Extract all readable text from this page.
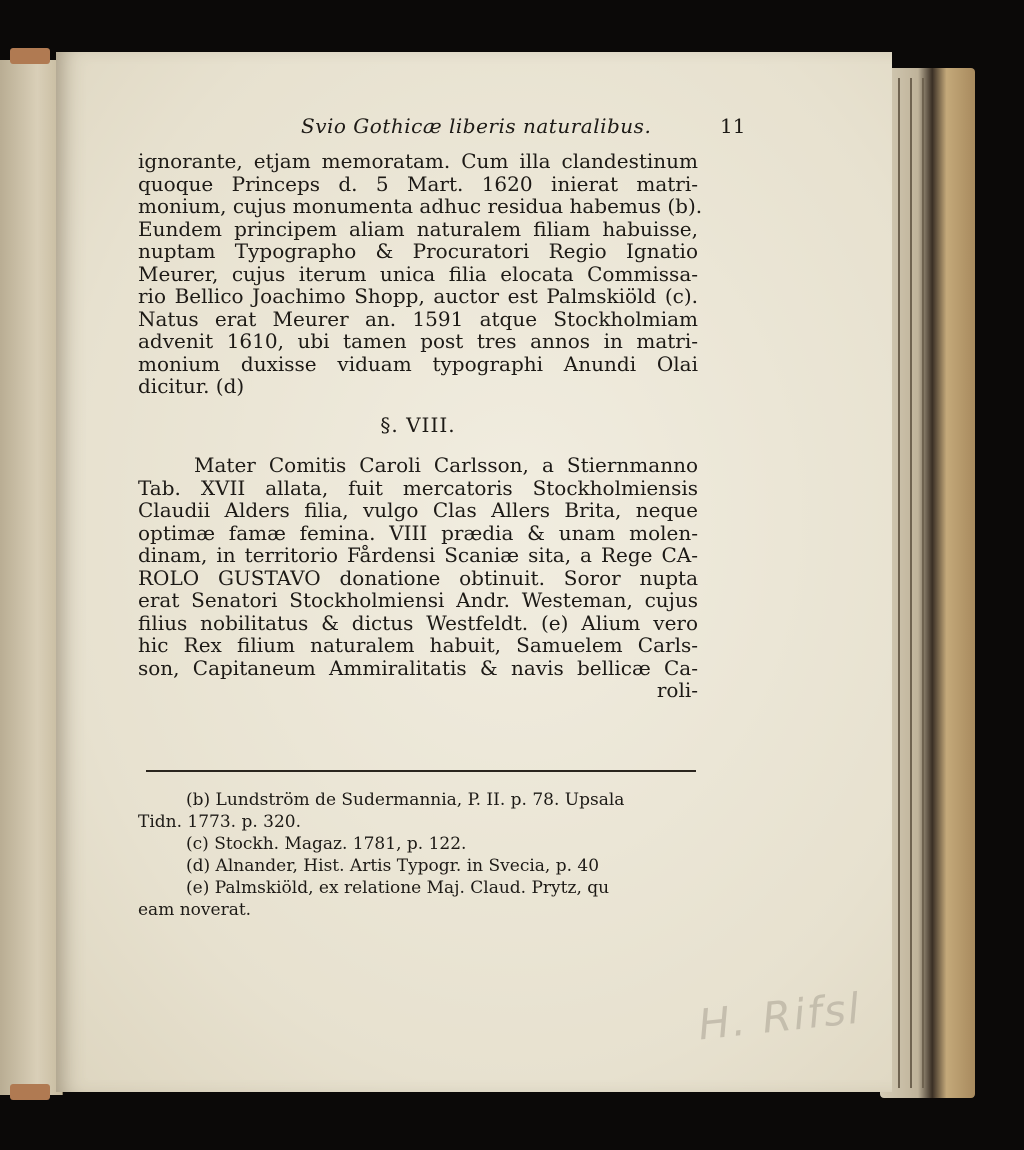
Svio Gothicæ liberis naturalibus.	11
ignorante, etjam memoratam. Cum illa clandestinum
quoque Princeps d. 5 Mart. 1620 inierat matri-
monium, cujus monumenta adhuc residua habemus (b).
Eundem principem aliam naturalem filiam habuisse,
nuptam Typographo & Procuratori Regio Ignatio
Meurer, cujus iterum unica filia elocata Commissa-
rio Bellico Joachimo Shopp, auctor est Palmskiöld (c).
Natus erat Meurer an. 1591 atque Stockholmiam
advenit 1610, ubi tamen post tres annos in matri-
monium duxisse viduam typographi Anundi Olai
dicitur. (d)
§. VIII.
Mater Comitis Caroli Carlsson, a Stiernmanno
Tab. XVII allata, fuit mercatoris Stockholmiensis
Claudii Alders filia, vulgo Clas Allers Brita, neque
optimæ famæ femina. VIII prædia & unam molen-
dinam, in territorio Fårdensi Scaniæ sita, a Rege CA-
ROLO GUSTAVO donatione obtinuit. Soror nupta
erat Senatori Stockholmiensi Andr. Westeman, cujus
filius nobilitatus & dictus Westfeldt. (e) Alium vero
hic Rex filium naturalem habuit, Samuelem Carls-
son, Capitaneum Ammiralitatis & navis bellicæ Ca-
roli-
(b) Lundström de Sudermannia, P. II. p. 78. Upsala
Tidn. 1773. p. 320.
(c) Stockh. Magaz. 1781, p. 122.
(d) Alnander, Hist. Artis Typogr. in Svecia, p. 40
(e) Palmskiöld, ex relatione Maj. Claud. Prytz, qu
eam noverat.
H. Rifsl
